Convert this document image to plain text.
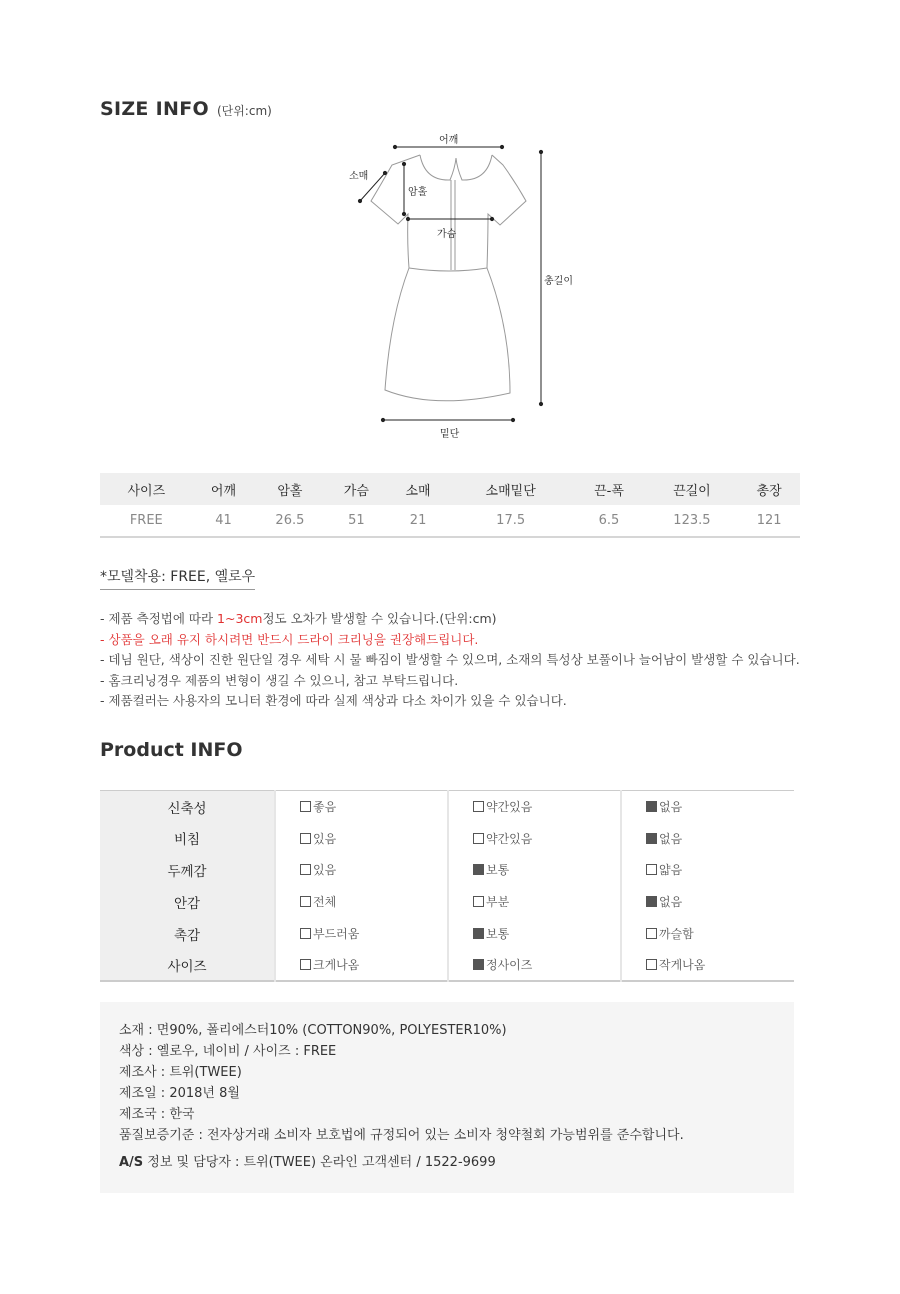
SIZE INFO (단위:cm)
어깨
소매
암홀
가슴
총길이
밑단
사이즈	어깨	암홀	가슴	소매	소매밑단	끈-폭	끈길이	총장
FREE	41	26.5	51	21	17.5	6.5	123.5	121
*모델착용: FREE, 옐로우
- 제품 측정법에 따라 1~3cm정도 오차가 발생할 수 있습니다.(단위:cm)
- 상품을 오래 유지 하시려면 반드시 드라이 크리닝을 권장해드립니다.
- 데님 원단, 색상이 진한 원단일 경우 세탁 시 물 빠짐이 발생할 수 있으며, 소재의 특성상 보풀이나 늘어남이 발생할 수 있습니다.
- 홈크리닝경우 제품의 변형이 생길 수 있으니, 참고 부탁드립니다.
- 제품컬러는 사용자의 모니터 환경에 따라 실제 색상과 다소 차이가 있을 수 있습니다.
Product INFO
신축성	좋음	약간있음	없음
비침	있음	약간있음	없음
두께감	있음	보통	얇음
안감	전체	부분	없음
촉감	부드러움	보통	까슬함
사이즈	크게나옴	정사이즈	작게나옴

소재 : 면90%, 폴리에스터10% (COTTON90%, POLYESTER10%)

색상 : 옐로우, 네이비 / 사이즈 : FREE

제조사 : 트위(TWEE)

제조일 : 2018년 8월

제조국 : 한국

품질보증기준 : 전자상거래 소비자 보호법에 규정되어 있는 소비자 청약철회 가능범위를 준수합니다.

A/S 정보 및 담당자 : 트위(TWEE) 온라인 고객센터 / 1522-9699
